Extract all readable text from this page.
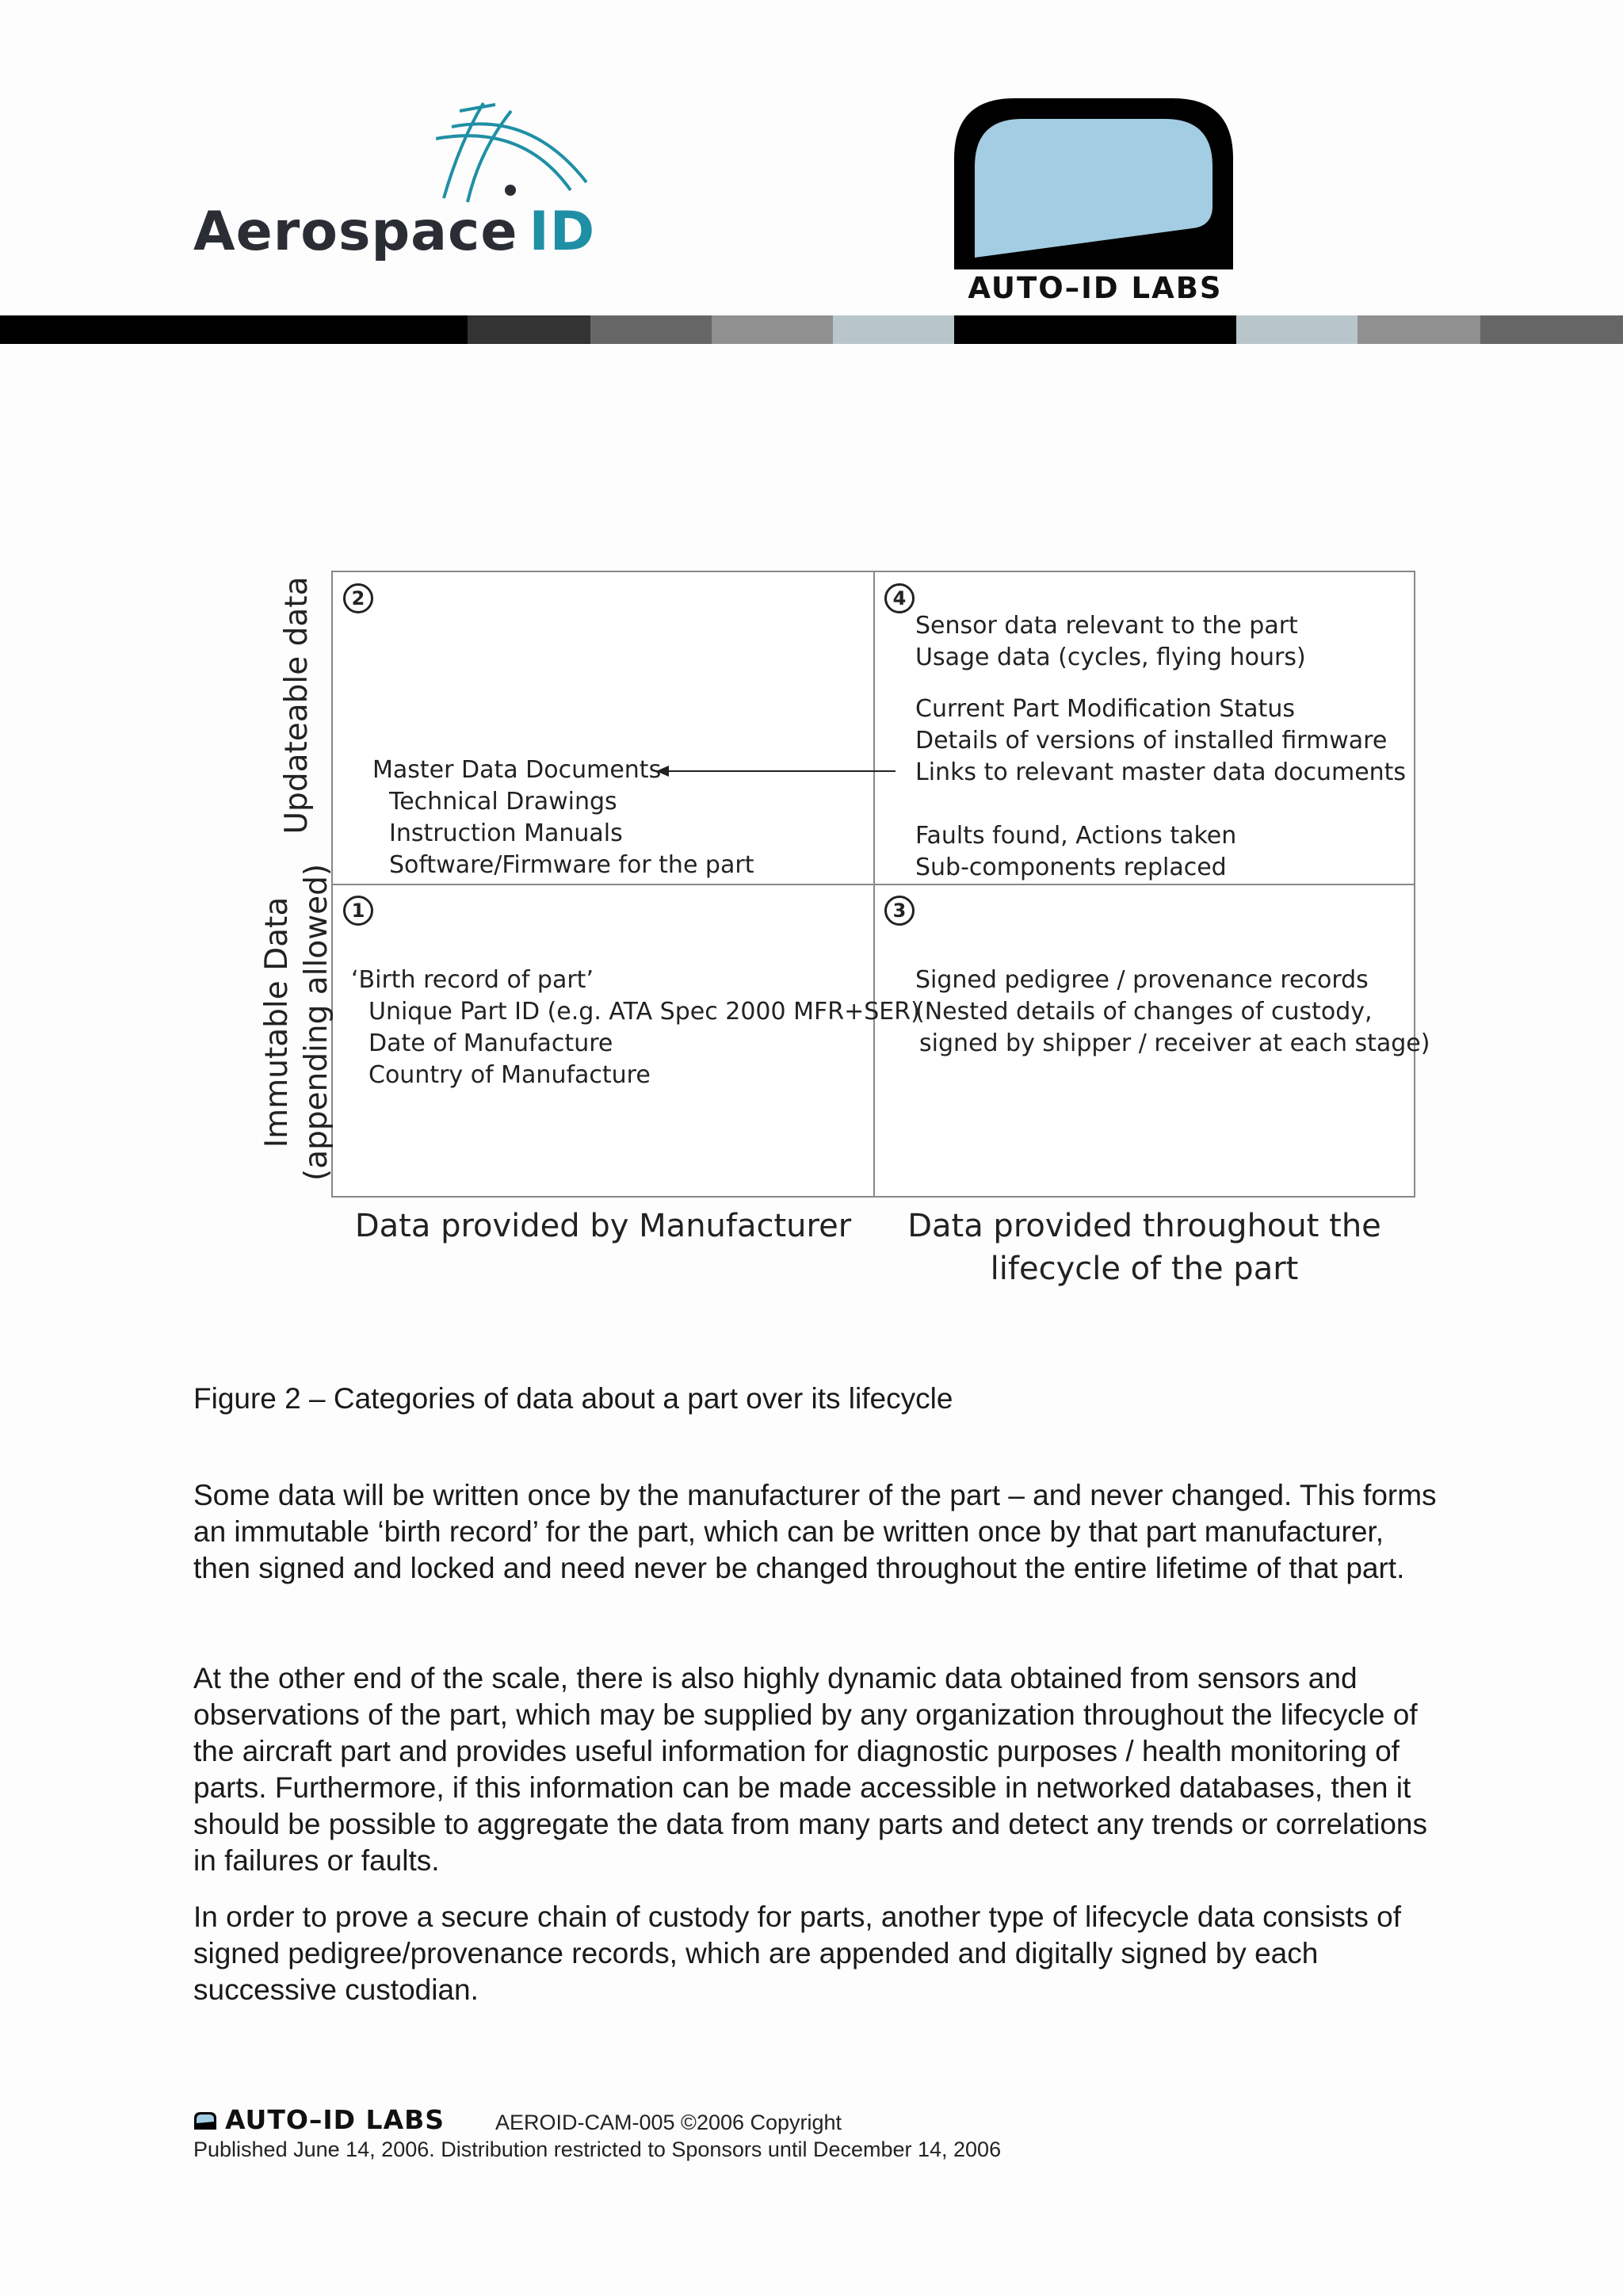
Aerospace ID
AUTO–ID LABS
Updateable data
Immutable Data (appending allowed)
2	4
1	3
Master Data Documents
Technical Drawings
Instruction Manuals
Software/Firmware for the part
Sensor data relevant to the part
Usage data (cycles, flying hours)
Current Part Modification Status
Details of versions of installed firmware
Links to relevant master data documents
Faults found, Actions taken
Sub-components replaced
‘Birth record of part’
Unique Part ID (e.g. ATA Spec 2000 MFR+SER)
Date of Manufacture
Country of Manufacture
Signed pedigree / provenance records
(Nested details of changes of custody,
signed by shipper / receiver at each stage)
Data provided by Manufacturer	Data provided throughout the
lifecycle of the part
Figure 2 – Categories of data about a part over its lifecycle

Some data will be written once by the manufacturer of the part – and never changed. This forms an immutable ‘birth record’ for the part, which can be written once by that part manufacturer, then signed and locked and need never be changed throughout the entire lifetime of that part.

At the other end of the scale, there is also highly dynamic data obtained from sensors and observations of the part, which may be supplied by any organization throughout the lifecycle of the aircraft part and provides useful information for diagnostic purposes / health monitoring of parts. Furthermore, if this information can be made accessible in networked databases, then it should be possible to aggregate the data from many parts and detect any trends or correlations in failures or faults.

In order to prove a secure chain of custody for parts, another type of lifecycle data consists of signed pedigree/provenance records, which are appended and digitally signed by each successive custodian.

AUTO–ID LABS AEROID-CAM-005 ©2006 Copyright
Published June 14, 2006. Distribution restricted to Sponsors until December 14, 2006
